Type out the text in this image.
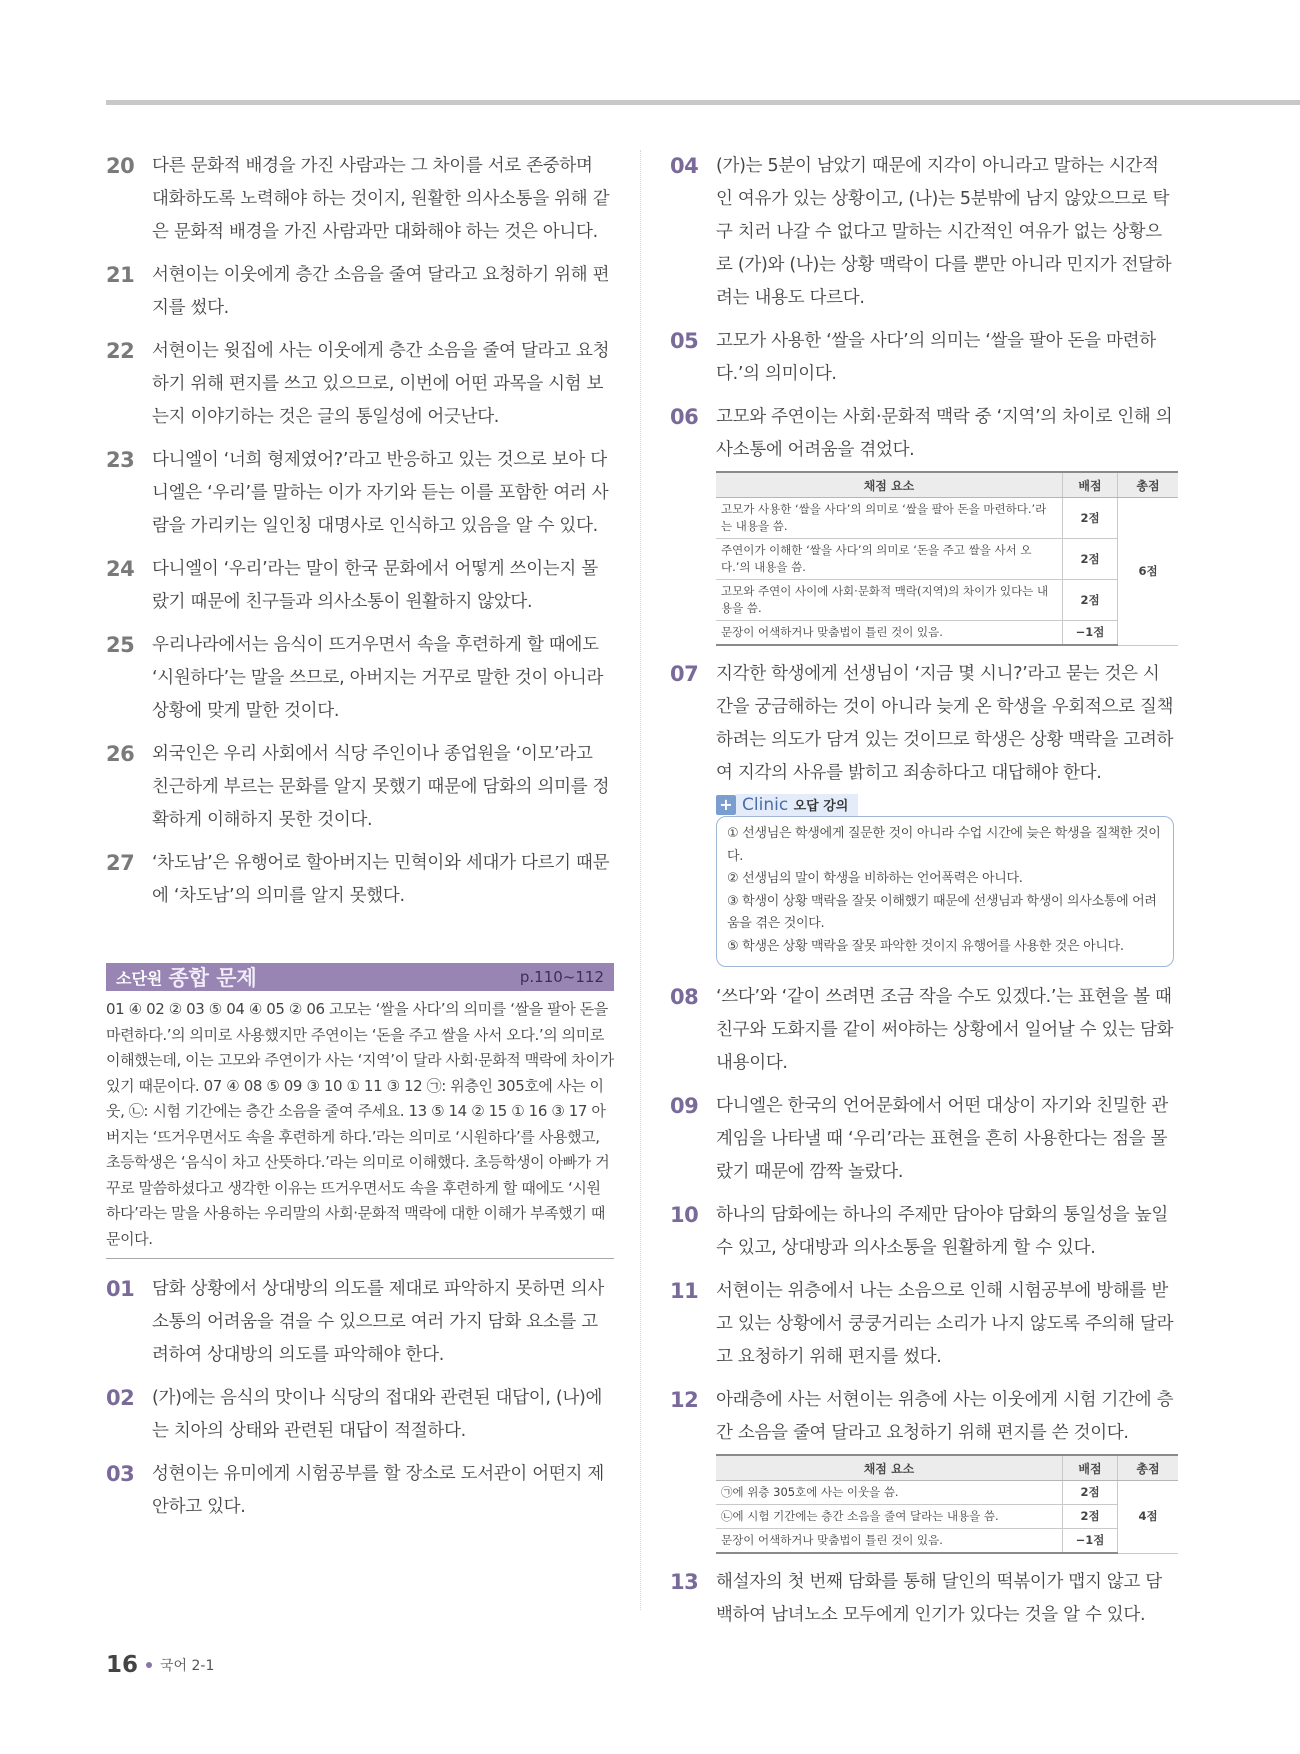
20 다른 문화적 배경을 가진 사람과는 그 차이를 서로 존중하며 대화하도록 노력해야 하는 것이지, 원활한 의사소통을 위해 같은 문화적 배경을 가진 사람과만 대화해야 하는 것은 아니다.
21 서현이는 이웃에게 층간 소음을 줄여 달라고 요청하기 위해 편지를 썼다.
22 서현이는 윗집에 사는 이웃에게 층간 소음을 줄여 달라고 요청하기 위해 편지를 쓰고 있으므로, 이번에 어떤 과목을 시험 보는지 이야기하는 것은 글의 통일성에 어긋난다.
23 다니엘이 ‘너희 형제였어?’라고 반응하고 있는 것으로 보아 다니엘은 ‘우리’를 말하는 이가 자기와 듣는 이를 포함한 여러 사람을 가리키는 일인칭 대명사로 인식하고 있음을 알 수 있다.
24 다니엘이 ‘우리’라는 말이 한국 문화에서 어떻게 쓰이는지 몰랐기 때문에 친구들과 의사소통이 원활하지 않았다.
25 우리나라에서는 음식이 뜨거우면서 속을 후련하게 할 때에도 ‘시원하다’는 말을 쓰므로, 아버지는 거꾸로 말한 것이 아니라 상황에 맞게 말한 것이다.
26 외국인은 우리 사회에서 식당 주인이나 종업원을 ‘이모’라고 친근하게 부르는 문화를 알지 못했기 때문에 담화의 의미를 정확하게 이해하지 못한 것이다.
27 ‘차도남’은 유행어로 할아버지는 민혁이와 세대가 다르기 때문에 ‘차도남’의 의미를 알지 못했다.
소단원 종합 문제	p.110~112
01 ④ 02 ② 03 ⑤ 04 ④ 05 ② 06 고모는 ‘쌀을 사다’의 의미를 ‘쌀을 팔아 돈을 마련하다.’의 의미로 사용했지만 주연이는 ‘돈을 주고 쌀을 사서 오다.’의 의미로 이해했는데, 이는 고모와 주연이가 사는 ‘지역’이 달라 사회·문화적 맥락에 차이가 있기 때문이다. 07 ④ 08 ⑤ 09 ③ 10 ① 11 ③ 12 ㉠: 위층인 305호에 사는 이웃, ㉡: 시험 기간에는 층간 소음을 줄여 주세요. 13 ⑤ 14 ② 15 ① 16 ③ 17 아버지는 ‘뜨거우면서도 속을 후련하게 하다.’라는 의미로 ‘시원하다’를 사용했고, 초등학생은 ‘음식이 차고 산뜻하다.’라는 의미로 이해했다. 초등학생이 아빠가 거꾸로 말씀하셨다고 생각한 이유는 뜨거우면서도 속을 후련하게 할 때에도 ‘시원하다’라는 말을 사용하는 우리말의 사회·문화적 맥락에 대한 이해가 부족했기 때문이다.
01 담화 상황에서 상대방의 의도를 제대로 파악하지 못하면 의사소통의 어려움을 겪을 수 있으므로 여러 가지 담화 요소를 고려하여 상대방의 의도를 파악해야 한다.
02 (가)에는 음식의 맛이나 식당의 접대와 관련된 대답이, (나)에는 치아의 상태와 관련된 대답이 적절하다.
03 성현이는 유미에게 시험공부를 할 장소로 도서관이 어떤지 제안하고 있다.
04 (가)는 5분이 남았기 때문에 지각이 아니라고 말하는 시간적인 여유가 있는 상황이고, (나)는 5분밖에 남지 않았으므로 탁구 치러 나갈 수 없다고 말하는 시간적인 여유가 없는 상황으로 (가)와 (나)는 상황 맥락이 다를 뿐만 아니라 민지가 전달하려는 내용도 다르다.
05 고모가 사용한 ‘쌀을 사다’의 의미는 ‘쌀을 팔아 돈을 마련하다.’의 의미이다.
06 고모와 주연이는 사회·문화적 맥락 중 ‘지역’의 차이로 인해 의사소통에 어려움을 겪었다.
채점 요소	배점	총점
고모가 사용한 ‘쌀을 사다’의 의미로 ‘쌀을 팔아 돈을 마련하다.’라는 내용을 씀.	2점	6점
주연이가 이해한 ‘쌀을 사다’의 의미로 ‘돈을 주고 쌀을 사서 오다.’의 내용을 씀.	2점	
고모와 주연이 사이에 사회·문화적 맥락(지역)의 차이가 있다는 내용을 씀.	2점	
문장이 어색하거나 맞춤법이 틀린 것이 있음.	−1점	
07 지각한 학생에게 선생님이 ‘지금 몇 시니?’라고 묻는 것은 시간을 궁금해하는 것이 아니라 늦게 온 학생을 우회적으로 질책하려는 의도가 담겨 있는 것이므로 학생은 상황 맥락을 고려하여 지각의 사유를 밝히고 죄송하다고 대답해야 한다.
+ Clinic 오답 강의
① 선생님은 학생에게 질문한 것이 아니라 수업 시간에 늦은 학생을 질책한 것이다.
② 선생님의 말이 학생을 비하하는 언어폭력은 아니다.
③ 학생이 상황 맥락을 잘못 이해했기 때문에 선생님과 학생이 의사소통에 어려움을 겪은 것이다.
⑤ 학생은 상황 맥락을 잘못 파악한 것이지 유행어를 사용한 것은 아니다.
08 ‘쓰다’와 ‘같이 쓰려면 조금 작을 수도 있겠다.’는 표현을 볼 때 친구와 도화지를 같이 써야하는 상황에서 일어날 수 있는 담화 내용이다.
09 다니엘은 한국의 언어문화에서 어떤 대상이 자기와 친밀한 관계임을 나타낼 때 ‘우리’라는 표현을 흔히 사용한다는 점을 몰랐기 때문에 깜짝 놀랐다.
10 하나의 담화에는 하나의 주제만 담아야 담화의 통일성을 높일 수 있고, 상대방과 의사소통을 원활하게 할 수 있다.
11 서현이는 위층에서 나는 소음으로 인해 시험공부에 방해를 받고 있는 상황에서 쿵쿵거리는 소리가 나지 않도록 주의해 달라고 요청하기 위해 편지를 썼다.
12 아래층에 사는 서현이는 위층에 사는 이웃에게 시험 기간에 층간 소음을 줄여 달라고 요청하기 위해 편지를 쓴 것이다.
채점 요소	배점	총점
㉠에 위층 305호에 사는 이웃을 씀.	2점	4점
㉡에 시험 기간에는 층간 소음을 줄여 달라는 내용을 씀.	2점	
문장이 어색하거나 맞춤법이 틀린 것이 있음.	−1점	
13 해설자의 첫 번째 담화를 통해 달인의 떡볶이가 맵지 않고 담백하여 남녀노소 모두에게 인기가 있다는 것을 알 수 있다.
16 국어 2-1
